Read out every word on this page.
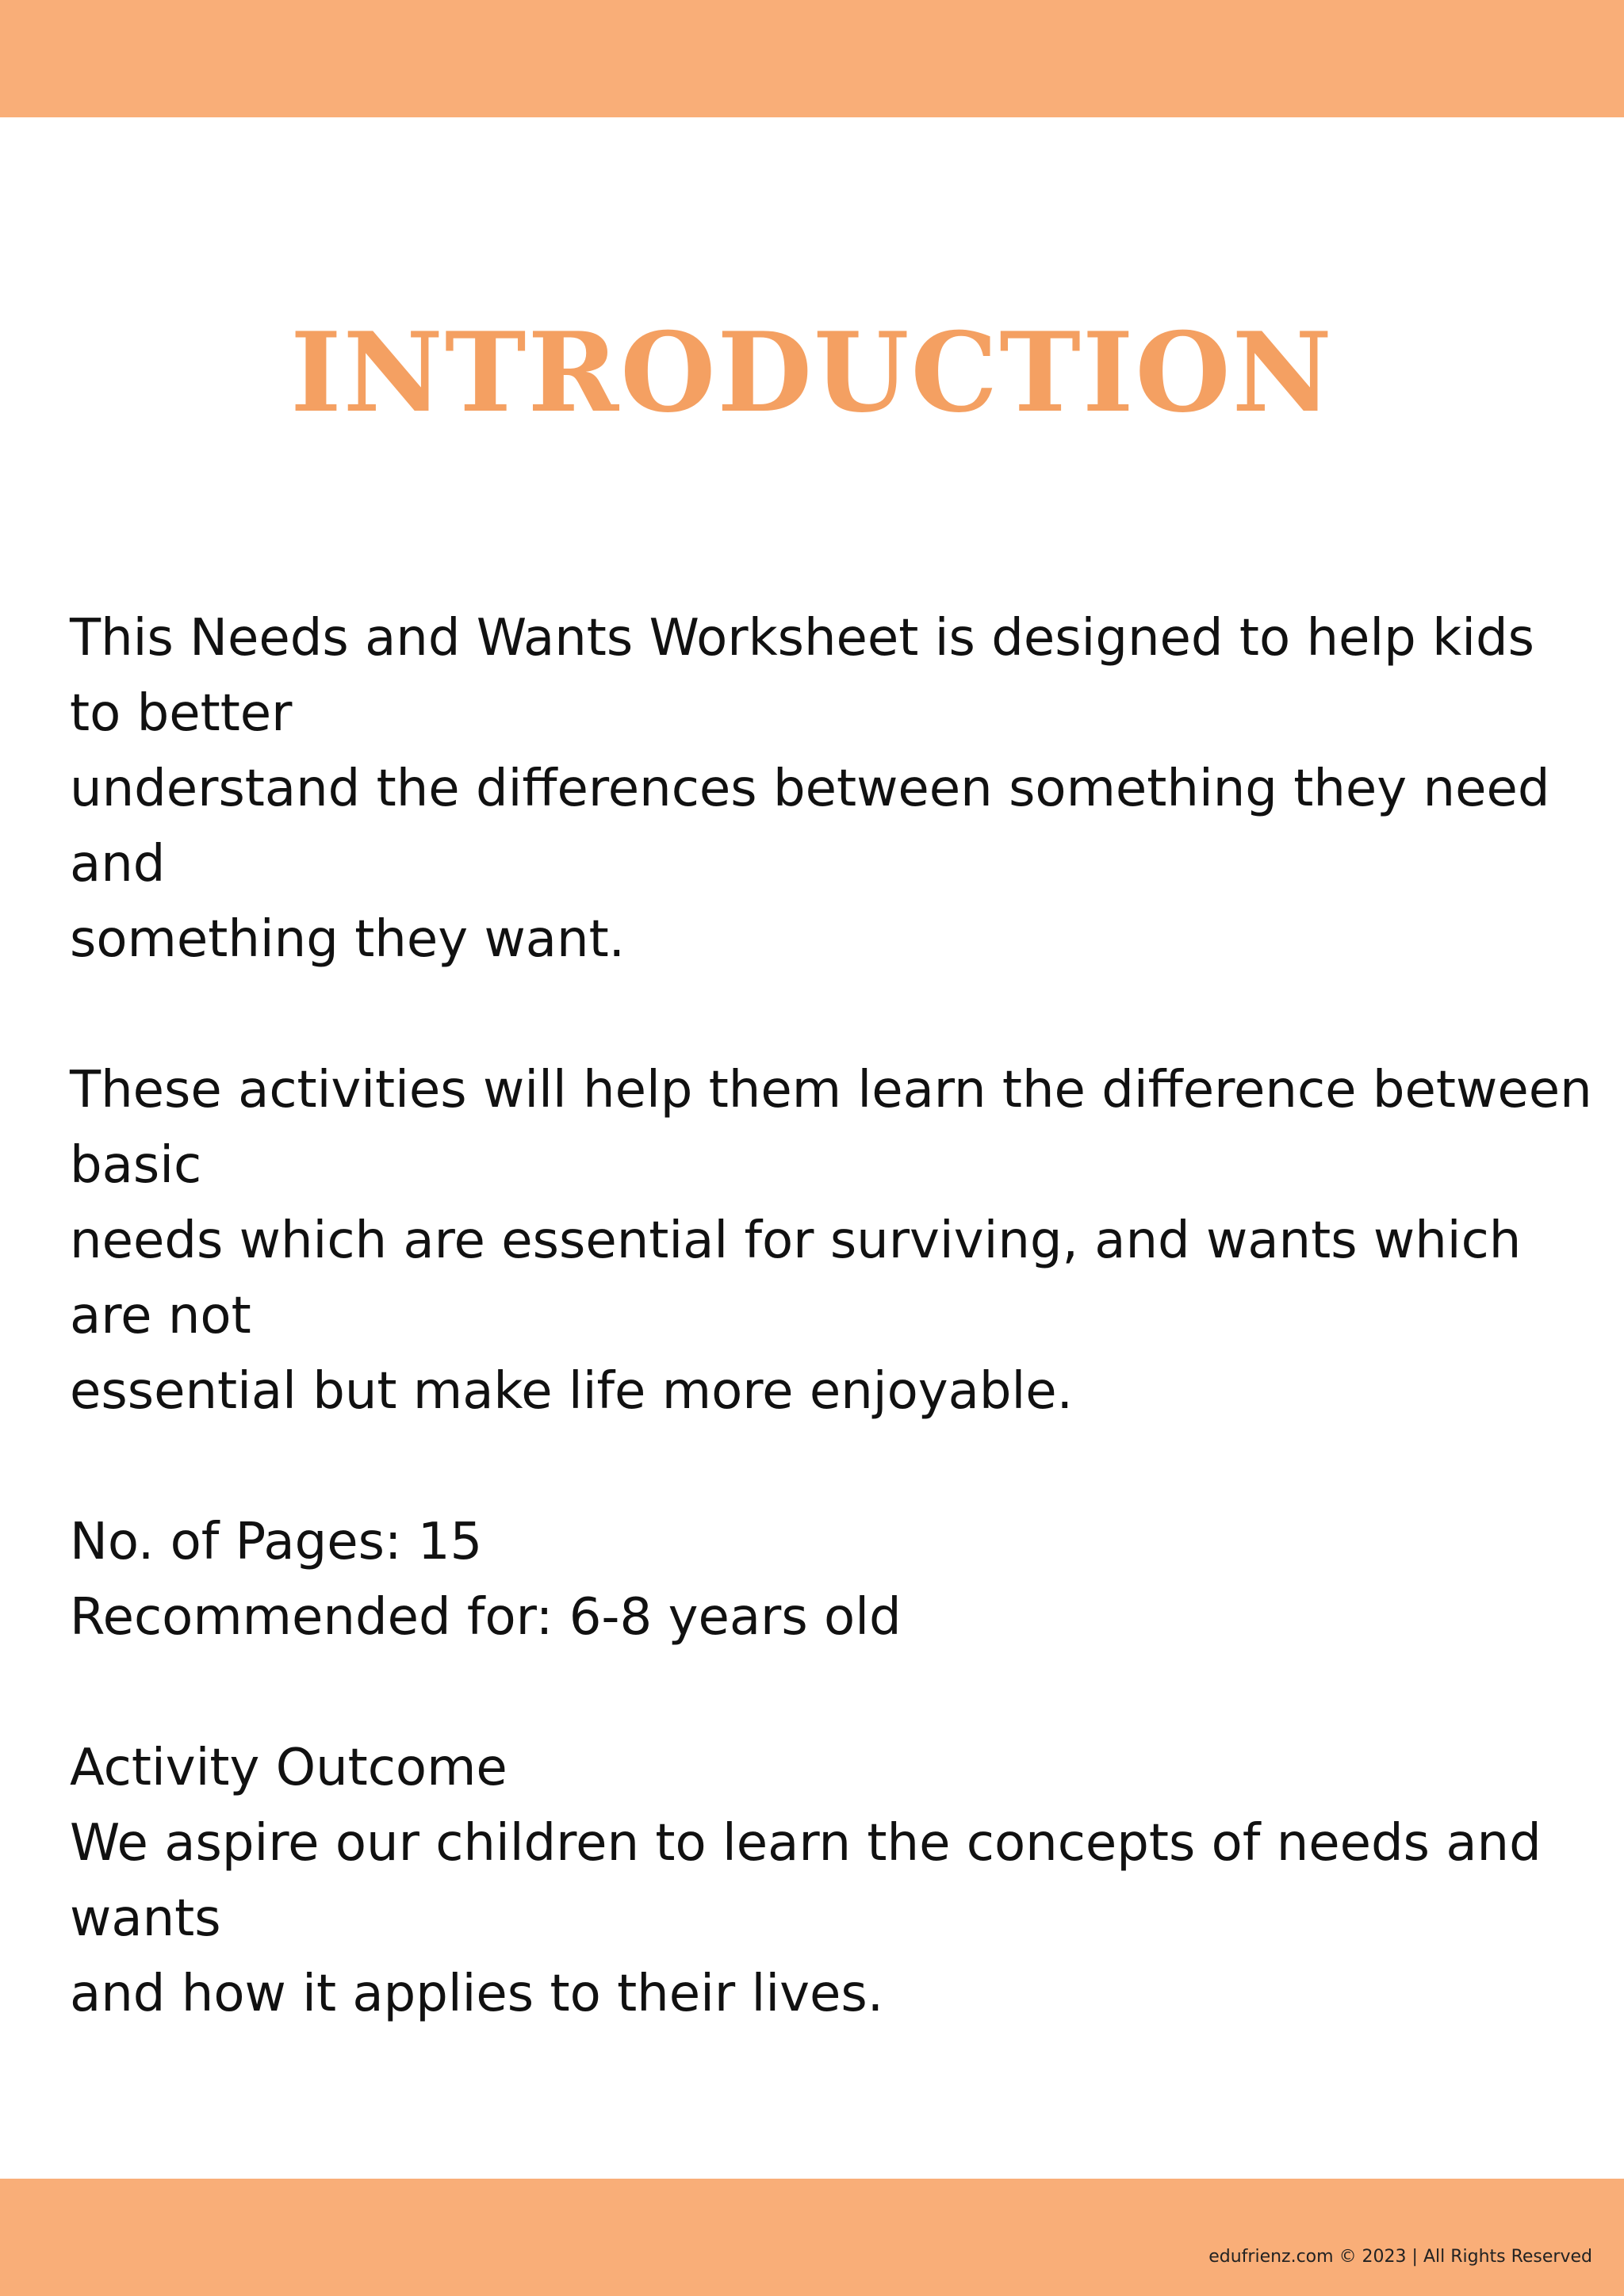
INTRODUCTION

This Needs and Wants Worksheet is designed to help kids to better
understand the differences between something they need and
something they want.

These activities will help them learn the difference between basic
needs which are essential for surviving, and wants which are not
essential but make life more enjoyable.

No. of Pages: 15

Recommended for: 6-8 years old

Activity Outcome

We aspire our children to learn the concepts of needs and wants
and how it applies to their lives.

edufrienz.com © 2023 | All Rights Reserved
